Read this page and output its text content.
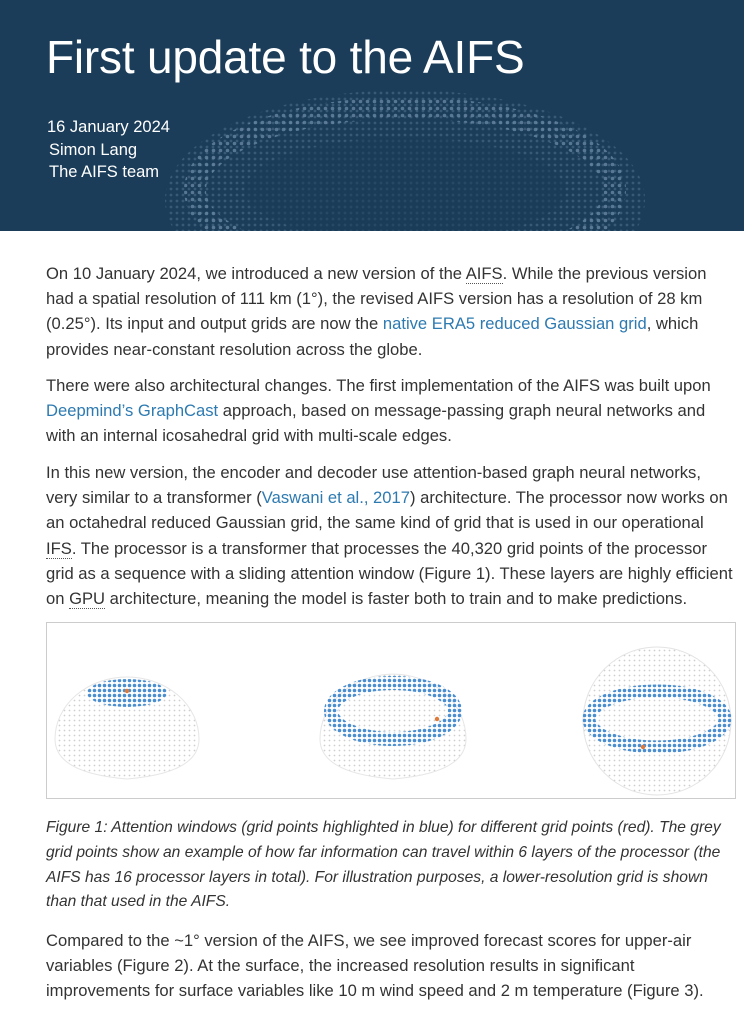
First update to the AIFS
16 January 2024
Simon Lang
The AIFS team

On 10 January 2024, we introduced a new version of the AIFS. While the previous version had a spatial resolution of 111 km (1°), the revised AIFS version has a resolution of 28 km (0.25°). Its input and output grids are now the native ERA5 reduced Gaussian grid, which provides near-constant resolution across the globe.

There were also architectural changes. The first implementation of the AIFS was built upon Deepmind’s GraphCast approach, based on message-passing graph neural networks and with an internal icosahedral grid with multi-scale edges.

In this new version, the encoder and decoder use attention-based graph neural networks, very similar to a transformer (Vaswani et al., 2017) architecture. The processor now works on an octahedral reduced Gaussian grid, the same kind of grid that is used in our operational IFS. The processor is a transformer that processes the 40,320 grid points of the processor grid as a sequence with a sliding attention window (Figure 1). These layers are highly efficient on GPU architecture, meaning the model is faster both to train and to make predictions.

Figure 1: Attention windows (grid points highlighted in blue) for different grid points (red). The grey grid points show an example of how far information can travel within 6 layers of the processor (the AIFS has 16 processor layers in total). For illustration purposes, a lower-resolution grid is shown than that used in the AIFS.

Compared to the ~1° version of the AIFS, we see improved forecast scores for upper-air variables (Figure 2). At the surface, the increased resolution results in significant improvements for surface variables like 10 m wind speed and 2 m temperature (Figure 3).
